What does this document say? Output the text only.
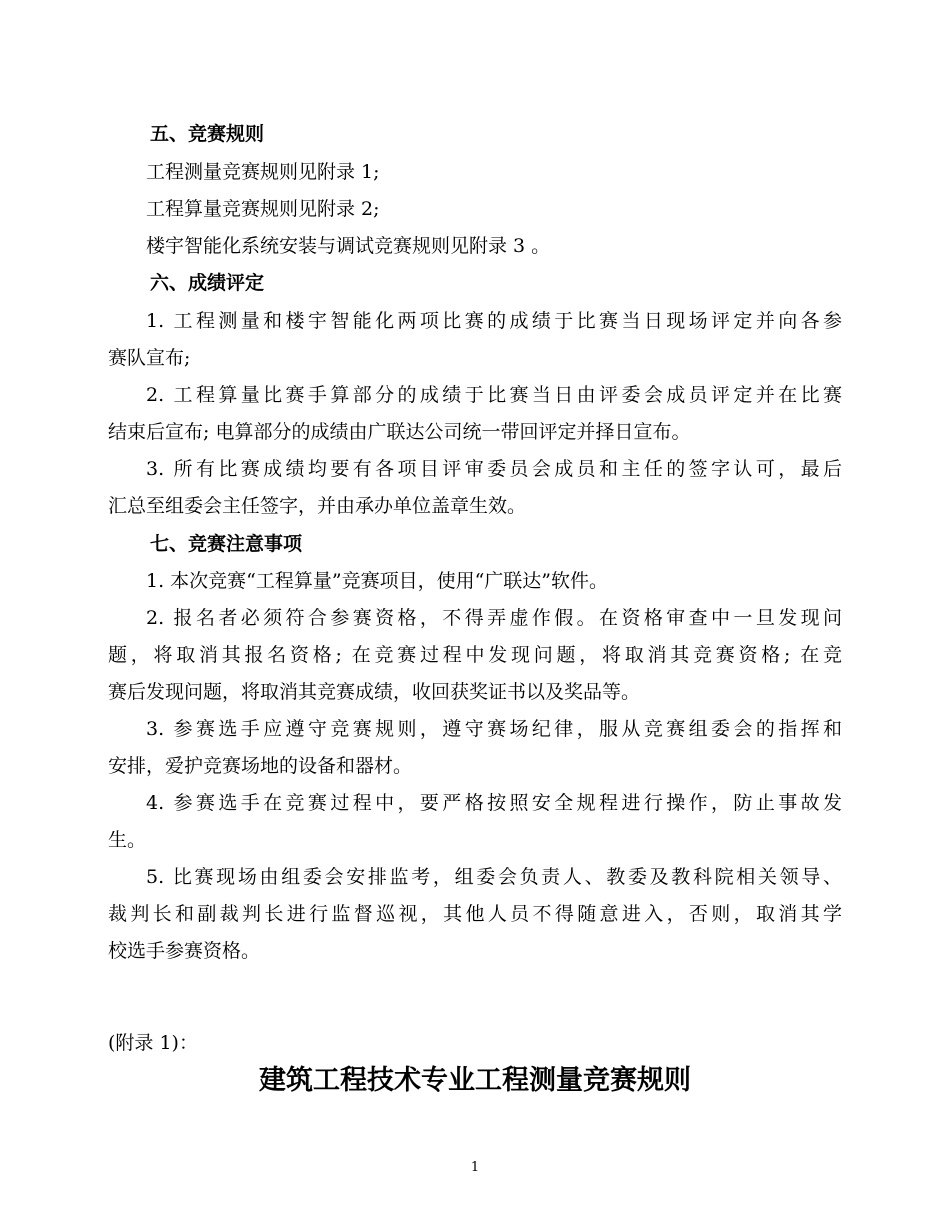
五、竞赛规则
工程测量竞赛规则见附录 1;
工程算量竞赛规则见附录 2;
楼宇智能化系统安装与调试竞赛规则见附录 3 。
六、成绩评定
1. 工程测量和楼宇智能化两项比赛的成绩于比赛当日现场评定并向各参
赛队宣布;
2. 工程算量比赛手算部分的成绩于比赛当日由评委会成员评定并在比赛
结束后宣布; 电算部分的成绩由广联达公司统一带回评定并择日宣布。
3. 所有比赛成绩均要有各项目评审委员会成员和主任的签字认可，最后
汇总至组委会主任签字，并由承办单位盖章生效。
七、竞赛注意事项
1. 本次竞赛“工程算量”竞赛项目，使用“广联达”软件。
2. 报名者必须符合参赛资格，不得弄虚作假。在资格审查中一旦发现问
题，将取消其报名资格; 在竞赛过程中发现问题，将取消其竞赛资格; 在竞
赛后发现问题，将取消其竞赛成绩，收回获奖证书以及奖品等。
3. 参赛选手应遵守竞赛规则，遵守赛场纪律，服从竞赛组委会的指挥和
安排，爱护竞赛场地的设备和器材。
4. 参赛选手在竞赛过程中，要严格按照安全规程进行操作，防止事故发
生。
5. 比赛现场由组委会安排监考，组委会负责人、教委及教科院相关领导、
裁判长和副裁判长进行监督巡视，其他人员不得随意进入，否则，取消其学
校选手参赛资格。
(附录 1)：
建筑工程技术专业工程测量竞赛规则
1
